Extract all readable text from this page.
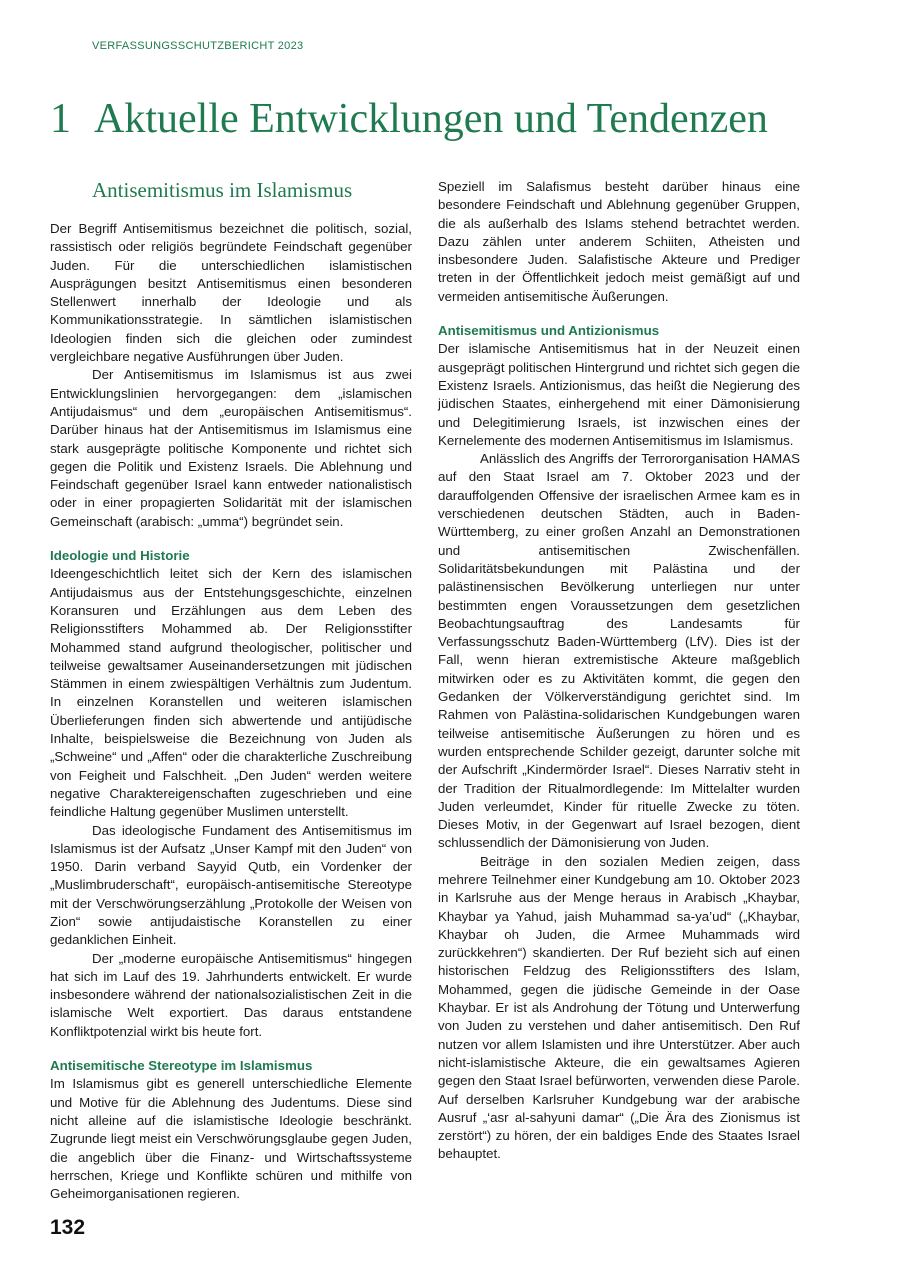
VERFASSUNGSSCHUTZBERICHT 2023
1 Aktuelle Entwicklungen und Tendenzen
Antisemitismus im Islamismus

Der Begriff Antisemitismus bezeichnet die politisch, sozial, rassistisch oder religiös begründete Feindschaft gegenüber Juden. Für die unterschiedlichen islamistischen Ausprägungen besitzt Antisemitismus einen besonderen Stellenwert innerhalb der Ideologie und als Kommunikationsstrategie. In sämtlichen islamistischen Ideologien finden sich die gleichen oder zumindest vergleichbare negative Ausführungen über Juden.

Der Antisemitismus im Islamismus ist aus zwei Entwicklungslinien hervorgegangen: dem „islamischen Antijudaismus“ und dem „europäischen Antisemitismus“. Darüber hinaus hat der Antisemitismus im Islamismus eine stark ausgeprägte politische Komponente und richtet sich gegen die Politik und Existenz Israels. Die Ablehnung und Feindschaft gegenüber Israel kann entweder nationalistisch oder in einer propagierten Solidarität mit der islamischen Gemeinschaft (arabisch: „umma“) begründet sein.

Ideologie und Historie

Ideengeschichtlich leitet sich der Kern des islamischen Antijudaismus aus der Entstehungsgeschichte, einzelnen Koransuren und Erzählungen aus dem Leben des Religionsstifters Mohammed ab. Der Religionsstifter Mohammed stand aufgrund theologischer, politischer und teilweise gewaltsamer Auseinandersetzungen mit jüdischen Stämmen in einem zwiespältigen Verhältnis zum Judentum. In einzelnen Koranstellen und weiteren islamischen Überlieferungen finden sich abwertende und antijüdische Inhalte, beispielsweise die Bezeichnung von Juden als „Schweine“ und „Affen“ oder die charakterliche Zuschreibung von Feigheit und Falschheit. „Den Juden“ werden weitere negative Charaktereigenschaften zugeschrieben und eine feindliche Haltung gegenüber Muslimen unterstellt.

Das ideologische Fundament des Antisemitismus im Islamismus ist der Aufsatz „Unser Kampf mit den Juden“ von 1950. Darin verband Sayyid Qutb, ein Vordenker der „Muslimbruderschaft“, europäisch-antisemitische Stereotype mit der Verschwörungserzählung „Protokolle der Weisen von Zion“ sowie antijudaistische Koranstellen zu einer gedanklichen Einheit.

Der „moderne europäische Antisemitismus“ hingegen hat sich im Lauf des 19. Jahrhunderts entwickelt. Er wurde insbesondere während der nationalsozialistischen Zeit in die islamische Welt exportiert. Das daraus entstandene Konfliktpotenzial wirkt bis heute fort.

Antisemitische Stereotype im Islamismus

Im Islamismus gibt es generell unterschiedliche Elemente und Motive für die Ablehnung des Judentums. Diese sind nicht alleine auf die islamistische Ideologie beschränkt. Zugrunde liegt meist ein Verschwörungsglaube gegen Juden, die angeblich über die Finanz- und Wirtschaftssysteme herrschen, Kriege und Konflikte schüren und mithilfe von Geheimorganisationen regieren.

Speziell im Salafismus besteht darüber hinaus eine besondere Feindschaft und Ablehnung gegenüber Gruppen, die als außerhalb des Islams stehend betrachtet werden. Dazu zählen unter anderem Schiiten, Atheisten und insbesondere Juden. Salafistische Akteure und Prediger treten in der Öffentlichkeit jedoch meist gemäßigt auf und vermeiden antisemitische Äußerungen.

Antisemitismus und Antizionismus

Der islamische Antisemitismus hat in der Neuzeit einen ausgeprägt politischen Hintergrund und richtet sich gegen die Existenz Israels. Antizionismus, das heißt die Negierung des jüdischen Staates, einhergehend mit einer Dämonisierung und Delegitimierung Israels, ist inzwischen eines der Kernelemente des modernen Antisemitismus im Islamismus.

Anlässlich des Angriffs der Terrororganisation HAMAS auf den Staat Israel am 7. Oktober 2023 und der darauffolgenden Offensive der israelischen Armee kam es in verschiedenen deutschen Städten, auch in Baden-Württemberg, zu einer großen Anzahl an Demonstrationen und antisemitischen Zwischenfällen. Solidaritätsbekundungen mit Palästina und der palästinensischen Bevölkerung unterliegen nur unter bestimmten engen Voraussetzungen dem gesetzlichen Beobachtungsauftrag des Landesamts für Verfassungsschutz Baden-Württemberg (LfV). Dies ist der Fall, wenn hieran extremistische Akteure maßgeblich mitwirken oder es zu Aktivitäten kommt, die gegen den Gedanken der Völkerverständigung gerichtet sind. Im Rahmen von Palästina-solidarischen Kundgebungen waren teilweise antisemitische Äußerungen zu hören und es wurden entsprechende Schilder gezeigt, darunter solche mit der Aufschrift „Kindermörder Israel“. Dieses Narrativ steht in der Tradition der Ritualmordlegende: Im Mittelalter wurden Juden verleumdet, Kinder für rituelle Zwecke zu töten. Dieses Motiv, in der Gegenwart auf Israel bezogen, dient schlussendlich der Dämonisierung von Juden.

Beiträge in den sozialen Medien zeigen, dass mehrere Teilnehmer einer Kundgebung am 10. Oktober 2023 in Karlsruhe aus der Menge heraus in Arabisch „Khaybar, Khaybar ya Yahud, jaish Muhammad sa-ya’ud“ („Khaybar, Khaybar oh Juden, die Armee Muhammads wird zurückkehren“) skandierten. Der Ruf bezieht sich auf einen historischen Feldzug des Religionsstifters des Islam, Mohammed, gegen die jüdische Gemeinde in der Oase Khaybar. Er ist als Androhung der Tötung und Unterwerfung von Juden zu verstehen und daher antisemitisch. Den Ruf nutzen vor allem Islamisten und ihre Unterstützer. Aber auch nicht-islamistische Akteure, die ein gewaltsames Agieren gegen den Staat Israel befürworten, verwenden diese Parole. Auf derselben Karlsruher Kundgebung war der arabische Ausruf „‘asr al-sahyuni damar“ („Die Ära des Zionismus ist zerstört“) zu hören, der ein baldiges Ende des Staates Israel behauptet.

132
